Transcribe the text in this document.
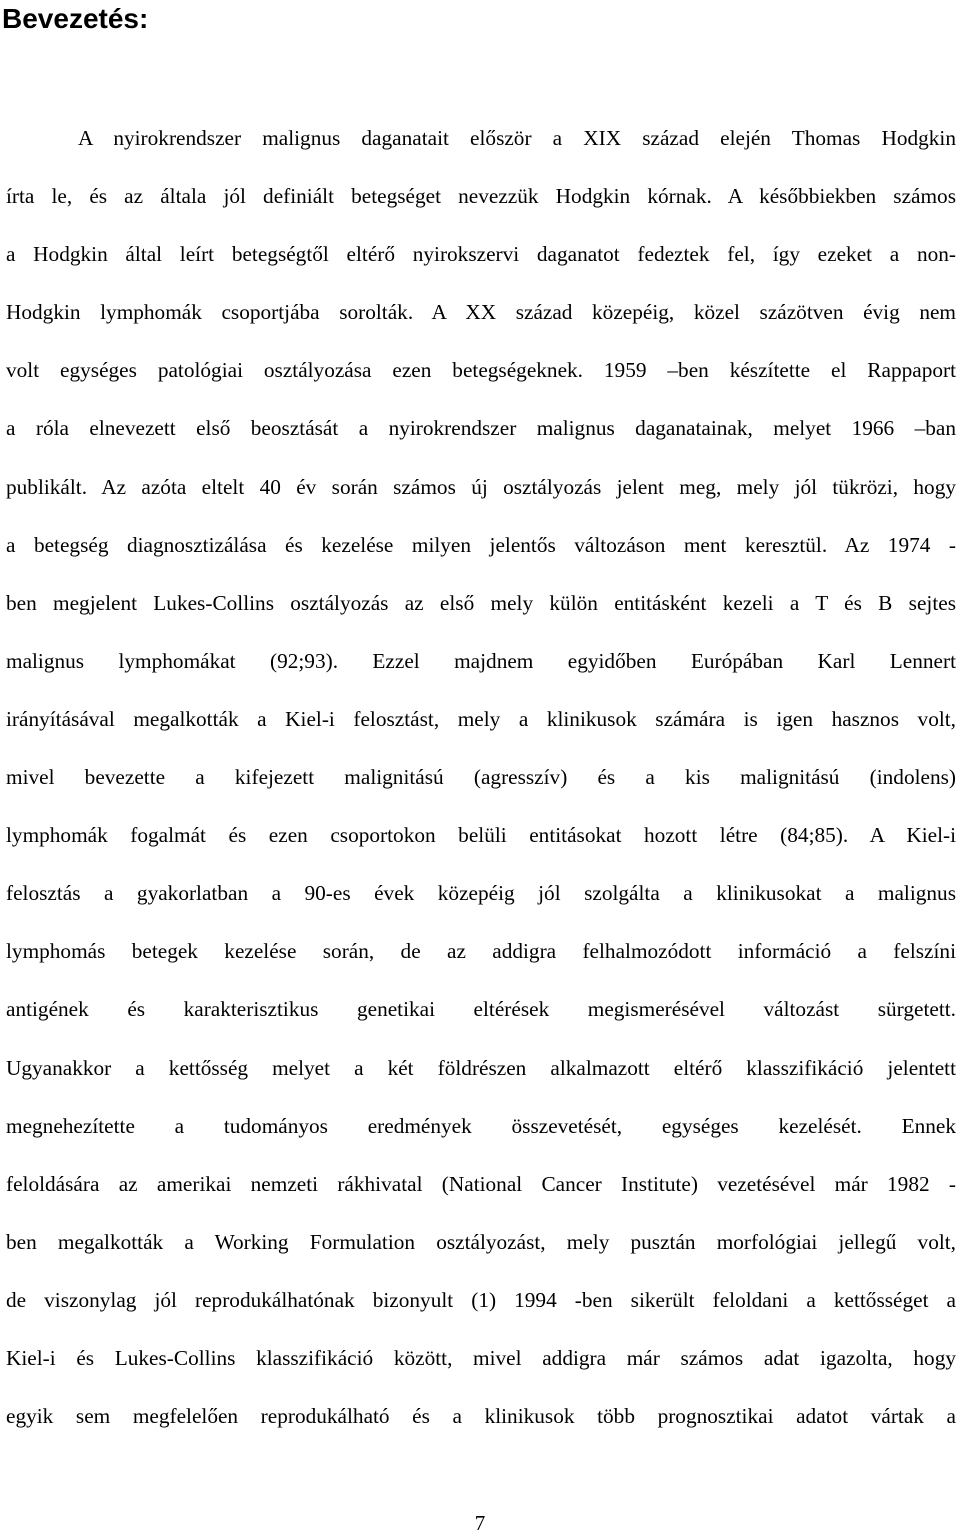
Bevezetés:
A nyirokrendszer malignus daganatait először a XIX század elején Thomas Hodgkin
írta le, és az általa jól definiált betegséget nevezzük Hodgkin kórnak. A későbbiekben számos
a Hodgkin által leírt betegségtől eltérő nyirokszervi daganatot fedeztek fel, így ezeket a non-
Hodgkin lymphomák csoportjába sorolták. A XX század közepéig, közel százötven évig nem
volt egységes patológiai osztályozása ezen betegségeknek. 1959 –ben készítette el Rappaport
a róla elnevezett első beosztását a nyirokrendszer malignus daganatainak, melyet 1966 –ban
publikált. Az azóta eltelt 40 év során számos új osztályozás jelent meg, mely jól tükrözi, hogy
a betegség diagnosztizálása és kezelése milyen jelentős változáson ment keresztül. Az 1974 -
ben megjelent Lukes-Collins osztályozás az első mely külön entitásként kezeli a T és B sejtes
malignus lymphomákat (92;93). Ezzel majdnem egyidőben Európában Karl Lennert
irányításával megalkották a Kiel-i felosztást, mely a klinikusok számára is igen hasznos volt,
mivel bevezette a kifejezett malignitású (agresszív) és a kis malignitású (indolens)
lymphomák fogalmát és ezen csoportokon belüli entitásokat hozott létre (84;85). A Kiel-i
felosztás a gyakorlatban a 90-es évek közepéig jól szolgálta a klinikusokat a malignus
lymphomás betegek kezelése során, de az addigra felhalmozódott információ a felszíni
antigének és karakterisztikus genetikai eltérések megismerésével változást sürgetett.
Ugyanakkor a kettősség melyet a két földrészen alkalmazott eltérő klasszifikáció jelentett
megnehezítette a tudományos eredmények összevetését, egységes kezelését. Ennek
feloldására az amerikai nemzeti rákhivatal (National Cancer Institute) vezetésével már 1982 -
ben megalkották a Working Formulation osztályozást, mely pusztán morfológiai jellegű volt,
de viszonylag jól reprodukálhatónak bizonyult (1) 1994 -ben sikerült feloldani a kettősséget a
Kiel-i és Lukes-Collins klasszifikáció között, mivel addigra már számos adat igazolta, hogy
egyik sem megfelelően reprodukálható és a klinikusok több prognosztikai adatot vártak a
7
